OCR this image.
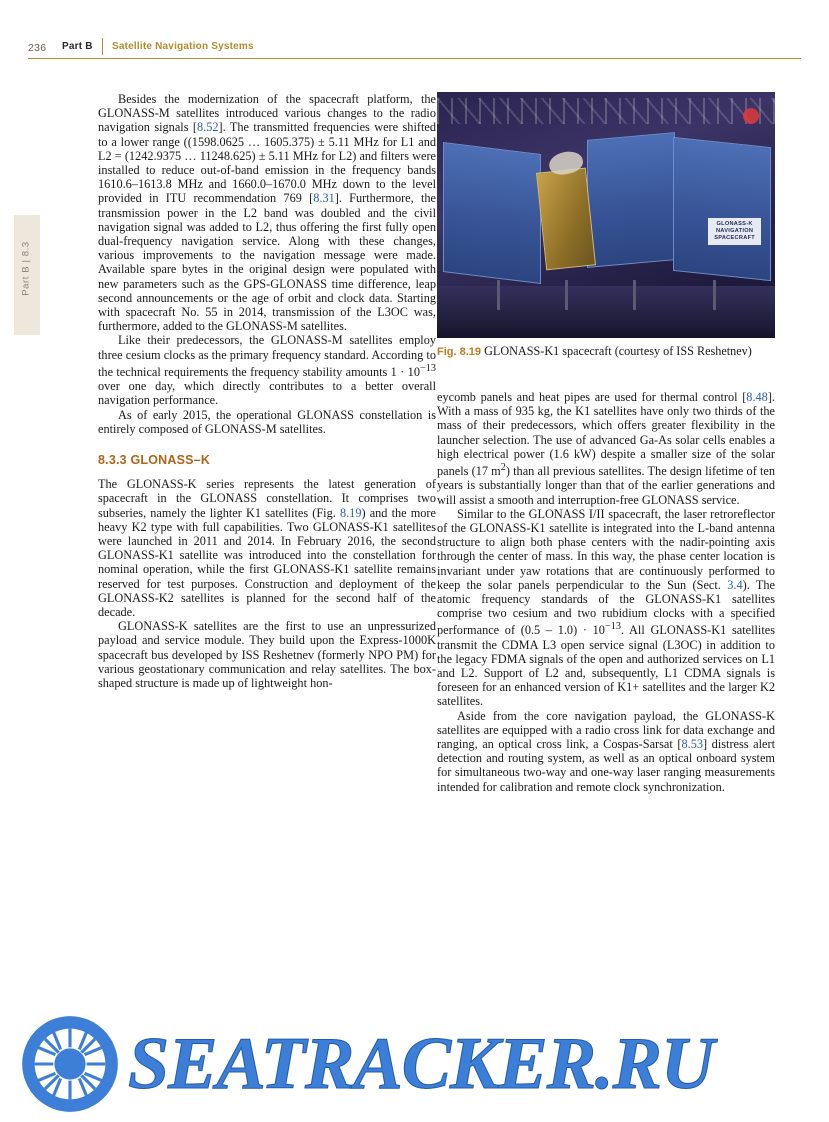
236 Part B Satellite Navigation Systems
Part B | 8.3

Besides the modernization of the spacecraft platform, the GLONASS-M satellites introduced various changes to the radio navigation signals [8.52]. The transmitted frequencies were shifted to a lower range ((1598.0625 … 1605.375) ± 5.11 MHz for L1 and L2 = (1242.9375 … 11248.625) ± 5.11 MHz for L2) and filters were installed to reduce out-of-band emission in the frequency bands 1610.6–1613.8 MHz and 1660.0–1670.0 MHz down to the level provided in ITU recommendation 769 [8.31]. Furthermore, the transmission power in the L2 band was doubled and the civil navigation signal was added to L2, thus offering the first fully open dual-frequency navigation service. Along with these changes, various improvements to the navigation message were made. Available spare bytes in the original design were populated with new parameters such as the GPS-GLONASS time difference, leap second announcements or the age of orbit and clock data. Starting with spacecraft No. 55 in 2014, transmission of the L3OC was, furthermore, added to the GLONASS-M satellites.

Like their predecessors, the GLONASS-M satellites employ three cesium clocks as the primary frequency standard. According to the technical requirements the frequency stability amounts $1 \cdot 10^{-13}$ over one day, which directly contributes to a better overall navigation performance.

As of early 2015, the operational GLONASS constellation is entirely composed of GLONASS-M satellites.

8.3.3 GLONASS–K

The GLONASS-K series represents the latest generation of spacecraft in the GLONASS constellation. It comprises two subseries, namely the lighter K1 satellites (Fig. 8.19) and the more heavy K2 type with full capabilities. Two GLONASS-K1 satellites were launched in 2011 and 2014. In February 2016, the second GLONASS-K1 satellite was introduced into the constellation for nominal operation, while the first GLONASS-K1 satellite remains reserved for test purposes. Construction and deployment of the GLONASS-K2 satellites is planned for the second half of the decade.

GLONASS-K satellites are the first to use an unpressurized payload and service module. They build upon the Express-1000K spacecraft bus developed by ISS Reshetnev (formerly NPO PM) for various geostationary communication and relay satellites. The box-shaped structure is made up of lightweight hon-

GLONASS-K
NAVIGATION
SPACECRAFT
Fig. 8.19 GLONASS-K1 spacecraft (courtesy of ISS Reshetnev)

eycomb panels and heat pipes are used for thermal control [8.48]. With a mass of 935 kg, the K1 satellites have only two thirds of the mass of their predecessors, which offers greater flexibility in the launcher selection. The use of advanced Ga-As solar cells enables a high electrical power (1.6 kW) despite a smaller size of the solar panels (17 $m^2$) than all previous satellites. The design lifetime of ten years is substantially longer than that of the earlier generations and will assist a smooth and interruption-free GLONASS service.

Similar to the GLONASS I/II spacecraft, the laser retroreflector of the GLONASS-K1 satellite is integrated into the L-band antenna structure to align both phase centers with the nadir-pointing axis through the center of mass. In this way, the phase center location is invariant under yaw rotations that are continuously performed to keep the solar panels perpendicular to the Sun (Sect. 3.4). The atomic frequency standards of the GLONASS-K1 satellites comprise two cesium and two rubidium clocks with a specified performance of $(0.5 - 1.0) \cdot 10^{-13}$. All GLONASS-K1 satellites transmit the CDMA L3 open service signal (L3OC) in addition to the legacy FDMA signals of the open and authorized services on L1 and L2. Support of L2 and, subsequently, L1 CDMA signals is foreseen for an enhanced version of K1+ satellites and the larger K2 satellites.

Aside from the core navigation payload, the GLONASS-K satellites are equipped with a radio cross link for data exchange and ranging, an optical cross link, a Cospas-Sarsat [8.53] distress alert detection and routing system, as well as an optical onboard system for simultaneous two-way and one-way laser ranging measurements intended for calibration and remote clock synchronization.

SEATRACKER.RU
